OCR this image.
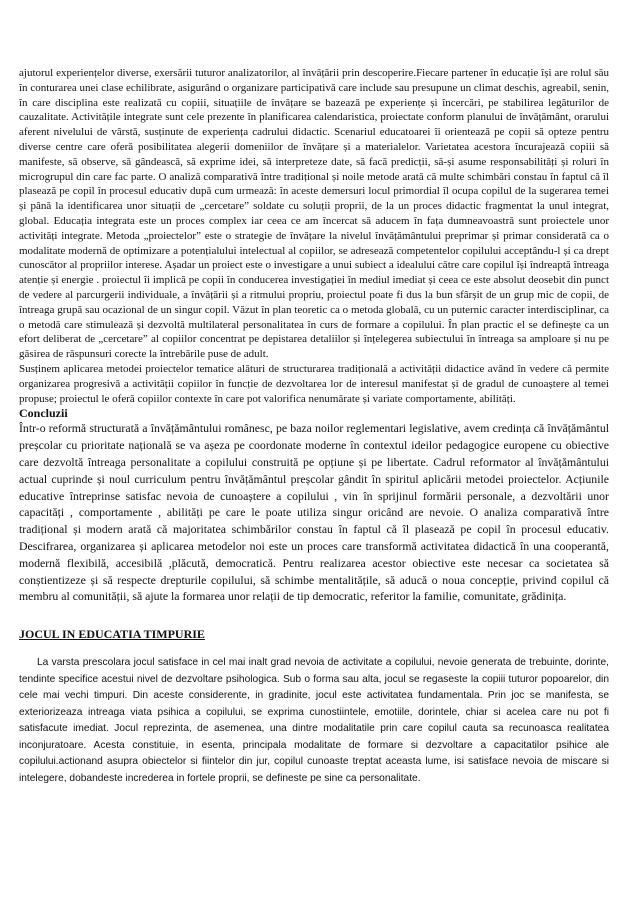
ajutorul experiențelor diverse, exersării tuturor analizatorilor, al învățării prin descoperire.Fiecare partener în educație își are rolul său în conturarea unei clase echilibrate, asigurând o organizare participativă care include sau presupune un climat deschis, agreabil, senin, în care disciplina este realizată cu copiii, situațiile de învățare se bazează pe experiențe și încercări, pe stabilirea legăturilor de cauzalitate. Activitățile integrate sunt cele prezente în planificarea calendaristica, proiectate conform planului de învățământ, orarului aferent nivelului de vârstă, susținute de experiența cadrului didactic. Scenariul educatoarei îi orientează pe copii să opteze pentru diverse centre care oferă posibilitatea alegerii domeniilor de învățare și a materialelor. Varietatea acestora încurajează copiii să manifeste, să observe, să gândească, să exprime idei, să interpreteze date, să facă predicții, să-și asume responsabilități și roluri în microgrupul din care fac parte. O analiză comparativă între tradițional și noile metode arată că multe schimbări constau în faptul că îl plasează pe copil în procesul educativ după cum urmează: în aceste demersuri locul primordial îl ocupa copilul de la sugerarea temei și până la identificarea unor situații de „cercetare” soldate cu soluții proprii, de la un proces didactic fragmentat la unul integrat, global. Educația integrata este un proces complex iar ceea ce am încercat să aducem în fața dumneavoastră sunt proiectele unor activități integrate. Metoda „proiectelor” este o strategie de învățare la nivelul învățământului preprimar și primar considerată ca o modalitate modernă de optimizare a potențialului intelectual al copiilor, se adresează competentelor copilului acceptându-l și ca drept cunoscător al propriilor interese. Așadar un proiect este o investigare a unui subiect a idealului către care copilul își îndreaptă întreaga atenție și energie . proiectul îi implică pe copii în conducerea investigației în mediul imediat și ceea ce este absolut deosebit din punct de vedere al parcurgerii individuale, a învățării și a ritmului propriu, proiectul poate fi dus la bun sfârșit de un grup mic de copii, de întreaga grupă sau ocazional de un singur copil. Văzut în plan teoretic ca o metoda globală, cu un puternic caracter interdisciplinar, ca o metodă care stimulează și dezvoltă multilateral personalitatea în curs de formare a copilului. În plan practic el se definește ca un efort deliberat de „cercetare” al copiilor concentrat pe depistarea detaliilor și înțelegerea subiectului în întreaga sa amploare și nu pe găsirea de răspunsuri corecte la întrebările puse de adult.

Susținem aplicarea metodei proiectelor tematice alături de structurarea tradițională a activității didactice având în vedere că permite organizarea progresivă a activității copiilor în funcție de dezvoltarea lor de interesul manifestat și de gradul de cunoaștere al temei propuse; proiectul le oferă copiilor contexte în care pot valorifica nenumărate și variate comportamente, abilități.

Concluzii

Într-o reformă structurată a învățământului românesc, pe baza noilor reglementari legislative, avem credința că învățământul preșcolar cu prioritate națională se va așeza pe coordonate moderne în contextul ideilor pedagogice europene cu obiective care dezvoltă întreaga personalitate a copilului construită pe opțiune și pe libertate. Cadrul reformator al învățământului actual cuprinde și noul curriculum pentru învățământul preșcolar gândit în spiritul aplicării metodei proiectelor. Acțiunile educative întreprinse satisfac nevoia de cunoaștere a copilului , vin în sprijinul formării personale, a dezvoltării unor capacități , comportamente , abilități pe care le poate utiliza singur oricând are nevoie. O analiza comparativă între tradițional și modern arată că majoritatea schimbărilor constau în faptul că îl plasează pe copil în procesul educativ. Descifrarea, organizarea și aplicarea metodelor noi este un proces care transformă activitatea didactică în una cooperantă, modernă flexibilă, accesibilă ,plăcută, democratică. Pentru realizarea acestor obiective este necesar ca societatea să conștientizeze și să respecte drepturile copilului, să schimbe mentalitățile, să aducă o noua concepție, privind copilul că membru al comunității, să ajute la formarea unor relații de tip democratic, referitor la familie, comunitate, grădinița.

JOCUL IN EDUCATIA TIMPURIE

La varsta prescolara jocul satisface in cel mai inalt grad nevoia de activitate a copilului, nevoie generata de trebuinte, dorinte, tendinte specifice acestui nivel de dezvoltare psihologica. Sub o forma sau alta, jocul se regaseste la copiii tuturor popoarelor, din cele mai vechi timpuri. Din aceste considerente, in gradinite, jocul este activitatea fundamentala. Prin joc se manifesta, se exteriorizeaza intreaga viata psihica a copilului, se exprima cunostiintele, emotiile, dorintele, chiar si acelea care nu pot fi satisfacute imediat. Jocul reprezinta, de asemenea, una dintre modalitatile prin care copilul cauta sa recunoasca realitatea inconjuratoare. Acesta constituie, in esenta, principala modalitate de formare si dezvoltare a capacitatilor psihice ale copilului.actionand asupra obiectelor si fiintelor din jur, copilul cunoaste treptat aceasta lume, isi satisface nevoia de miscare si intelegere, dobandeste increderea in fortele proprii, se defineste pe sine ca personalitate.
